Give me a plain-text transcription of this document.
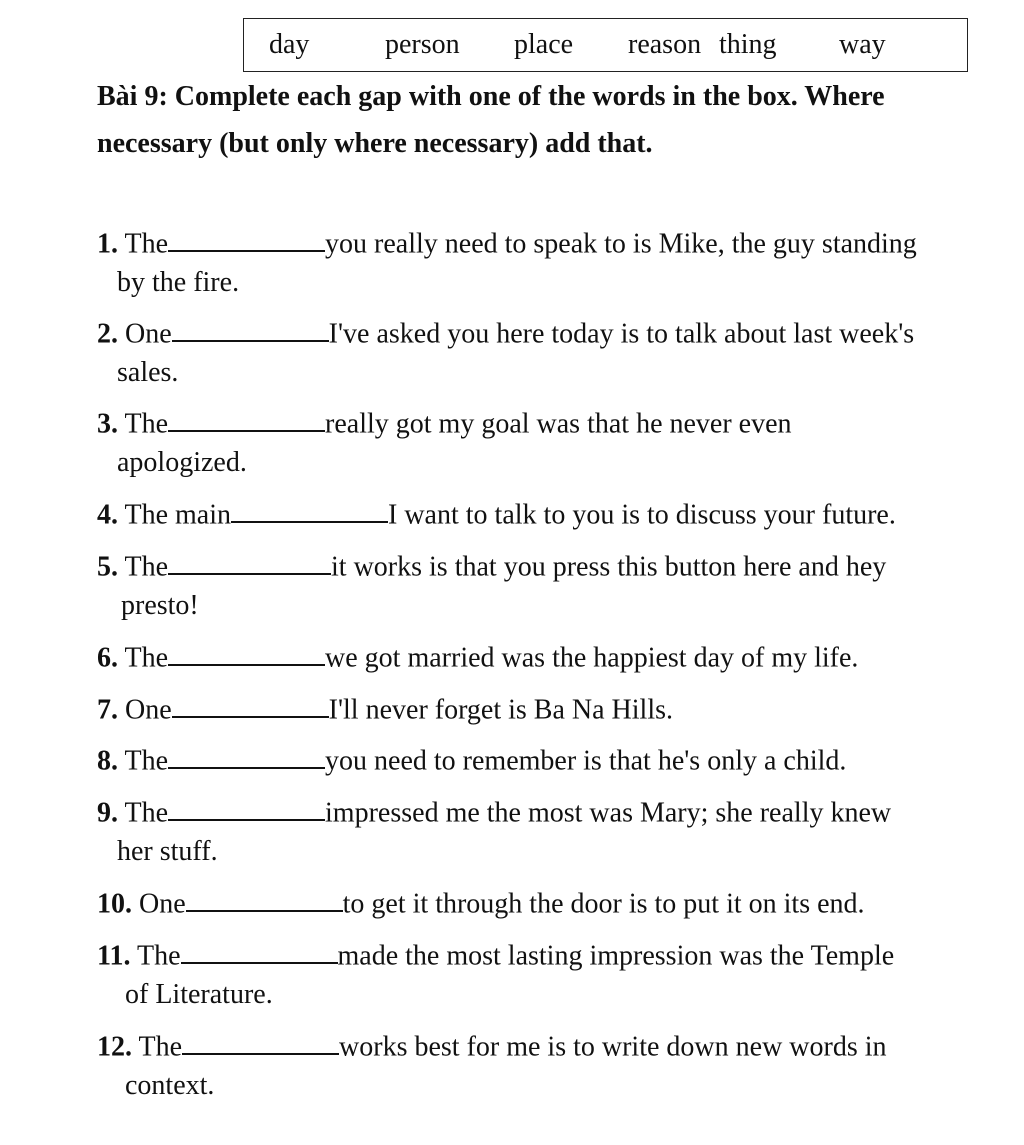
day	person place reason thing way
Bài 9: Complete each gap with one of the words in the box. Where necessary (but only where necessary) add that.
1. The	you really need to speak to is Mike, the guy standing
by the fire.
2. One	I've asked you here today is to talk about last week's
sales.
3. The	really got my goal was that he never even
apologized.
4. The main	I want to talk to you is to discuss your future.
5. The	it works is that you press this button here and hey
presto!
6. The	we got married was the happiest day of my life.
7. One	I'll never forget is Ba Na Hills.
8. The	you need to remember is that he's only a child.
9. The	impressed me the most was Mary; she really knew
her stuff.
10. One	to get it through the door is to put it on its end.
11. The	made the most lasting impression was the Temple
of Literature.
12. The	works best for me is to write down new words in
context.
